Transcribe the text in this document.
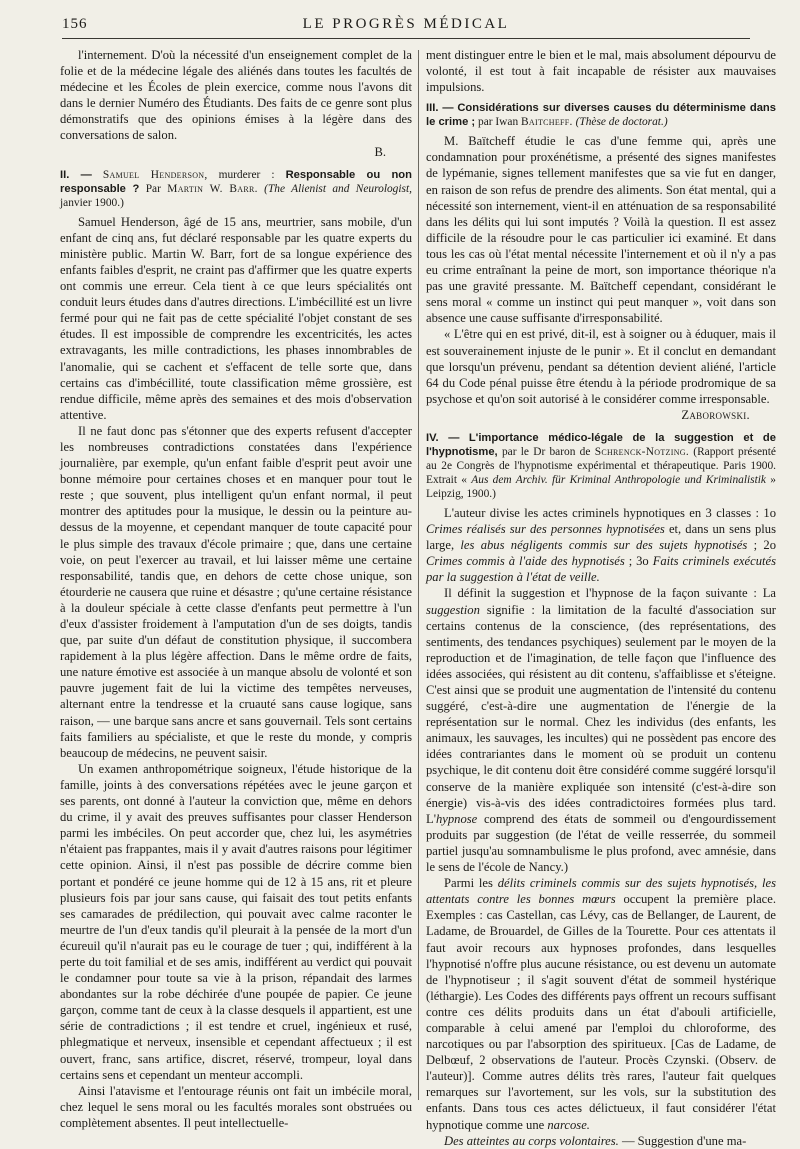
156	LE PROGRÈS MÉDICAL

l'internement. D'où la nécessité d'un enseignement complet de la folie et de la médecine légale des aliénés dans toutes les facultés de médecine et les Écoles de plein exercice, comme nous l'avons dit dans le dernier Numéro des Étudiants. Des faits de ce genre sont plus démonstratifs que des opinions émises à la légère dans des conversations de salon.

B.

II. — Samuel Henderson, murderer : Responsable ou non responsable ? Par Martin W. Barr. (The Alienist and Neurologist, janvier 1900.)

Samuel Henderson, âgé de 15 ans, meurtrier, sans mobile, d'un enfant de cinq ans, fut déclaré responsable par les quatre experts du ministère public. Martin W. Barr, fort de sa longue expérience des enfants faibles d'esprit, ne craint pas d'affirmer que les quatre experts ont commis une erreur. Cela tient à ce que leurs spécialités ont conduit leurs études dans d'autres directions. L'imbécillité est un livre fermé pour qui ne fait pas de cette spécialité l'objet constant de ses études. Il est impossible de comprendre les excentricités, les actes extravagants, les mille contradictions, les phases innombrables de l'anomalie, qui se cachent et s'effacent de telle sorte que, dans certains cas d'imbécillité, toute classification même grossière, est rendue difficile, même après des semaines et des mois d'observation attentive.

Il ne faut donc pas s'étonner que des experts refusent d'accepter les nombreuses contradictions constatées dans l'expérience journalière, par exemple, qu'un enfant faible d'esprit peut avoir une bonne mémoire pour certaines choses et en manquer pour tout le reste ; que souvent, plus intelligent qu'un enfant normal, il peut montrer des aptitudes pour la musique, le dessin ou la peinture au-dessus de la moyenne, et cependant manquer de toute capacité pour le plus simple des travaux d'école primaire ; que, dans une certaine voie, on peut l'exercer au travail, et lui laisser même une certaine responsabilité, tandis que, en dehors de cette chose unique, son étourderie ne causera que ruine et désastre ; qu'une certaine résistance à la douleur spéciale à cette classe d'enfants peut permettre à l'un d'eux d'assister froidement à l'amputation d'un de ses doigts, tandis que, par suite d'un défaut de constitution physique, il succombera rapidement à la plus légère affection. Dans le même ordre de faits, une nature émotive est associée à un manque absolu de volonté et son pauvre jugement fait de lui la victime des tempêtes nerveuses, alternant entre la tendresse et la cruauté sans cause logique, sans raison, — une barque sans ancre et sans gouvernail. Tels sont certains faits familiers au spécialiste, et que le reste du monde, y compris beaucoup de médecins, ne peuvent saisir.

Un examen anthropométrique soigneux, l'étude historique de la famille, joints à des conversations répétées avec le jeune garçon et ses parents, ont donné à l'auteur la conviction que, même en dehors du crime, il y avait des preuves suffisantes pour classer Henderson parmi les imbéciles. On peut accorder que, chez lui, les asymétries n'étaient pas frappantes, mais il y avait d'autres raisons pour légitimer cette opinion. Ainsi, il n'est pas possible de décrire comme bien portant et pondéré ce jeune homme qui de 12 à 15 ans, rit et pleure plusieurs fois par jour sans cause, qui faisait des tout petits enfants ses camarades de prédilection, qui pouvait avec calme raconter le meurtre de l'un d'eux tandis qu'il pleurait à la pensée de la mort d'un écureuil qu'il n'aurait pas eu le courage de tuer ; qui, indifférent à la perte du toit familial et de ses amis, indifférent au verdict qui pouvait le condamner pour toute sa vie à la prison, répandait des larmes abondantes sur la robe déchirée d'une poupée de papier. Ce jeune garçon, comme tant de ceux à la classe desquels il appartient, est une série de contradictions ; il est tendre et cruel, ingénieux et rusé, phlegmatique et nerveux, insensible et cependant affectueux ; il est ouvert, franc, sans artifice, discret, réservé, trompeur, loyal dans certains sens et cependant un menteur accompli.

Ainsi l'atavisme et l'entourage réunis ont fait un imbécile moral, chez lequel le sens moral ou les facultés morales sont obstruées ou complètement absentes. Il peut intellectuelle-

ment distinguer entre le bien et le mal, mais absolument dépourvu de volonté, il est tout à fait incapable de résister aux mauvaises impulsions.

III. — Considérations sur diverses causes du déterminisme dans le crime ; par Iwan Baitcheff. (Thèse de doctorat.)

M. Baïtcheff étudie le cas d'une femme qui, après une condamnation pour proxénétisme, a présenté des signes manifestes de lypémanie, signes tellement manifestes que sa vie fut en danger, en raison de son refus de prendre des aliments. Son état mental, qui a nécessité son internement, vient-il en atténuation de sa responsabilité dans les délits qui lui sont imputés ? Voilà la question. Il est assez difficile de la résoudre pour le cas particulier ici examiné. Et dans tous les cas où l'état mental nécessite l'internement et où il n'y a pas eu crime entraînant la peine de mort, son importance théorique n'a pas une gravité pressante. M. Baïtcheff cependant, considérant le sens moral « comme un instinct qui peut manquer », voit dans son absence une cause suffisante d'irresponsabilité.

« L'être qui en est privé, dit-il, est à soigner ou à éduquer, mais il est souverainement injuste de le punir ». Et il conclut en demandant que lorsqu'un prévenu, pendant sa détention devient aliéné, l'article 64 du Code pénal puisse être étendu à la période prodromique de sa psychose et qu'on soit autorisé à le considérer comme irresponsable.

Zaborowski.

IV. — L'importance médico-légale de la suggestion et de l'hypnotisme, par le Dr baron de Schrenck-Notzing. (Rapport présenté au 2e Congrès de l'hypnotisme expérimental et thérapeutique. Paris 1900. Extrait « Aus dem Archiv. für Kriminal Anthropologie und Kriminalistik » Leipzig, 1900.)

L'auteur divise les actes criminels hypnotiques en 3 classes : 1o Crimes réalisés sur des personnes hypnotisées et, dans un sens plus large, les abus négligents commis sur des sujets hypnotisés ; 2o Crimes commis à l'aide des hypnotisés ; 3o Faits criminels exécutés par la suggestion à l'état de veille.

Il définit la suggestion et l'hypnose de la façon suivante : La suggestion signifie : la limitation de la faculté d'association sur certains contenus de la conscience, (des représentations, des sentiments, des tendances psychiques) seulement par le moyen de la reproduction et de l'imagination, de telle façon que l'influence des idées associées, qui résistent au dit contenu, s'affaiblisse et s'éteigne. C'est ainsi que se produit une augmentation de l'intensité du contenu suggéré, c'est-à-dire une augmentation de l'énergie de la représentation sur le normal. Chez les individus (des enfants, les animaux, les sauvages, les incultes) qui ne possèdent pas encore des idées contrariantes dans le moment où se produit un contenu psychique, le dit contenu doit être considéré comme suggéré lorsqu'il conserve de la manière expliquée son intensité (c'est-à-dire son énergie) vis-à-vis des idées contradictoires formées plus tard. L'hypnose comprend des états de sommeil ou d'engourdissement produits par suggestion (de l'état de veille resserrée, du sommeil partiel jusqu'au somnambulisme le plus profond, avec amnésie, dans le sens de l'école de Nancy.)

Parmi les délits criminels commis sur des sujets hypnotisés, les attentats contre les bonnes mœurs occupent la première place. Exemples : cas Castellan, cas Lévy, cas de Bellanger, de Laurent, de Ladame, de Brouardel, de Gilles de la Tourette. Pour ces attentats il faut avoir recours aux hypnoses profondes, dans lesquelles l'hypnotisé n'offre plus aucune résistance, ou est devenu un automate de l'hypnotiseur ; il s'agit souvent d'état de sommeil hystérique (léthargie). Les Codes des différents pays offrent un recours suffisant contre ces délits produits dans un état d'abouli artificielle, comparable à celui amené par l'emploi du chloroforme, des narcotiques ou par l'absorption des spiritueux. [Cas de Ladame, de Delbœuf, 2 observations de l'auteur. Procès Czynski. (Observ. de l'auteur)]. Comme autres délits très rares, l'auteur fait quelques remarques sur l'avortement, sur les vols, sur la substitution des enfants. Dans tous ces actes délictueux, il faut considérer l'état hypnotique comme une narcose.

Des atteintes au corps volontaires. — Suggestion d'une ma-
